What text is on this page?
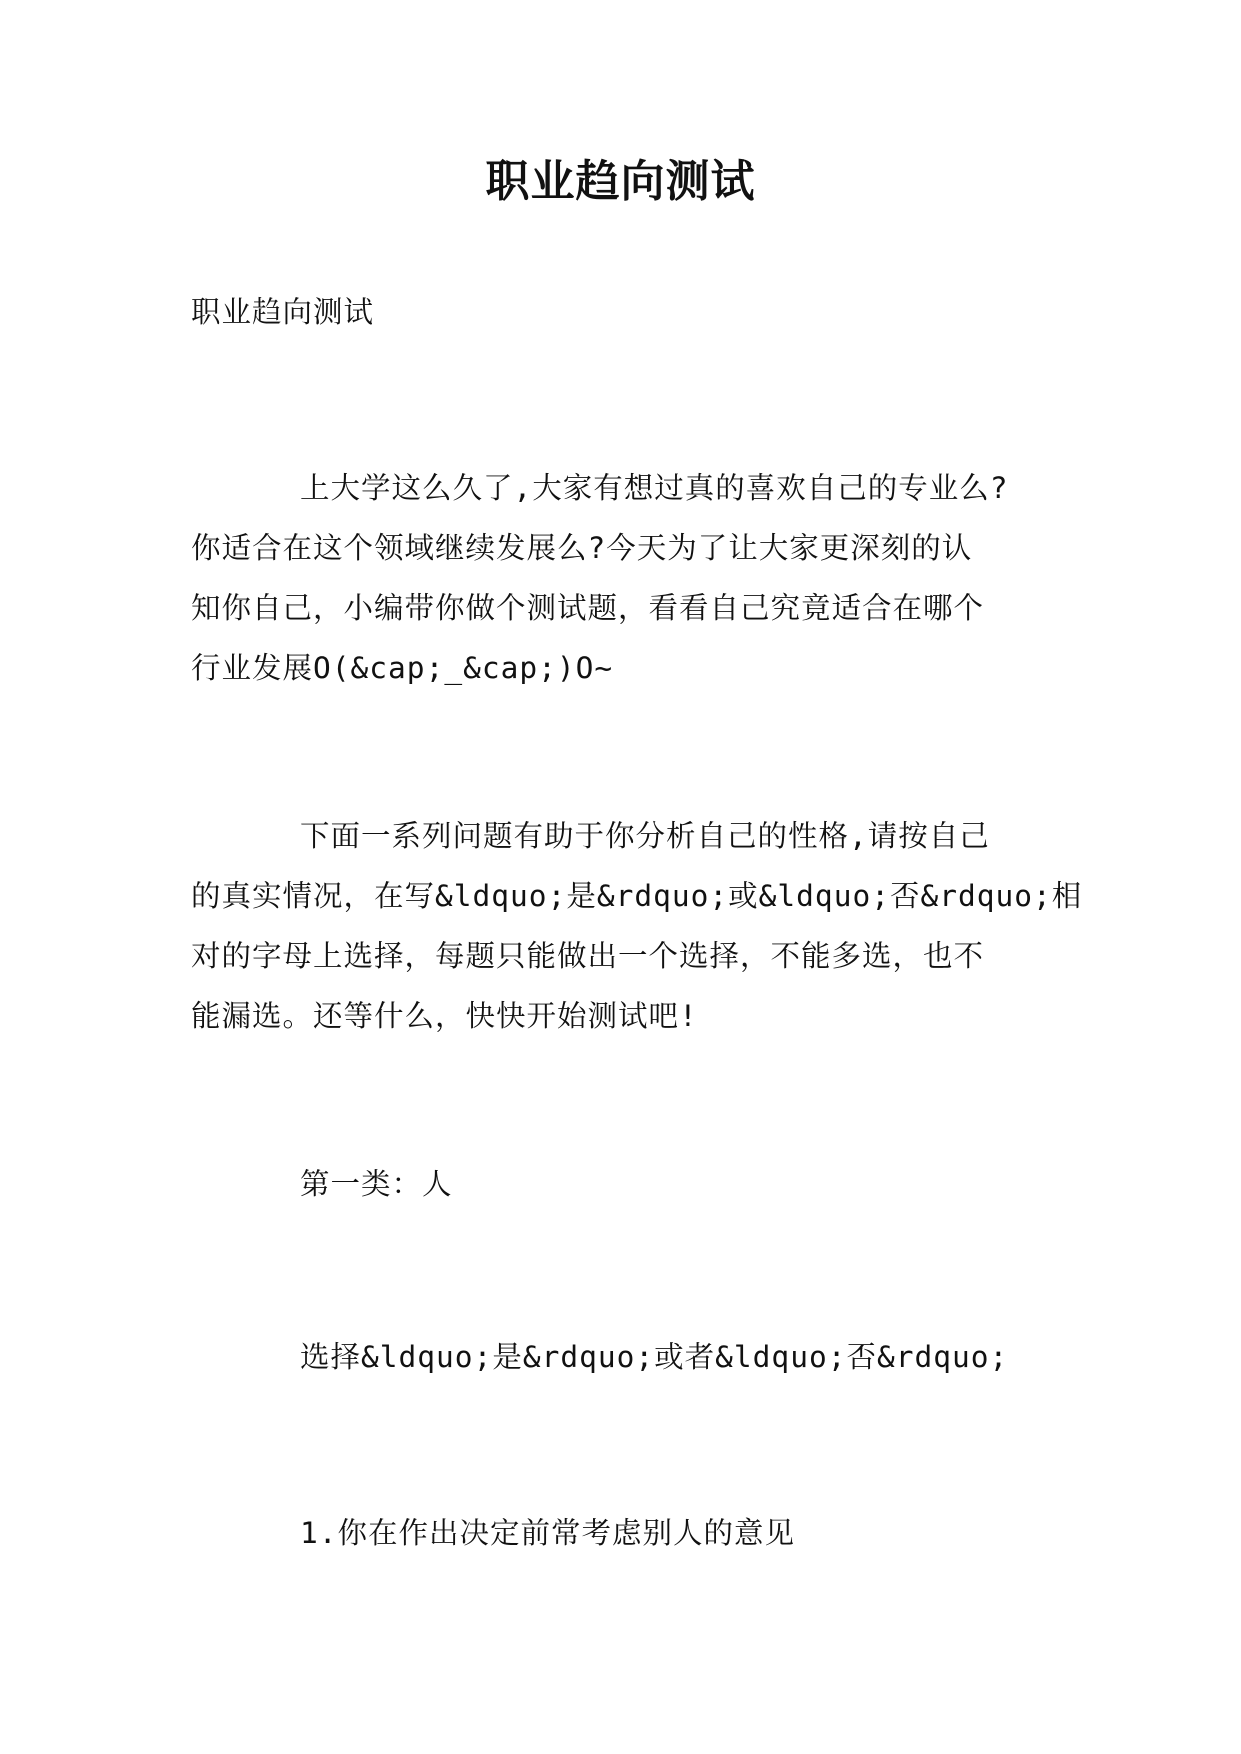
职业趋向测试
职业趋向测试
上大学这么久了,大家有想过真的喜欢自己的专业么?
你适合在这个领域继续发展么?今天为了让大家更深刻的认
知你自己，小编带你做个测试题，看看自己究竟适合在哪个
行业发展O(&cap;_&cap;)O~
下面一系列问题有助于你分析自己的性格,请按自己
的真实情况，在写&ldquo;是&rdquo;或&ldquo;否&rdquo;相
对的字母上选择，每题只能做出一个选择，不能多选，也不
能漏选。还等什么，快快开始测试吧!
第一类：人
选择&ldquo;是&rdquo;或者&ldquo;否&rdquo;
1.你在作出决定前常考虑别人的意见
